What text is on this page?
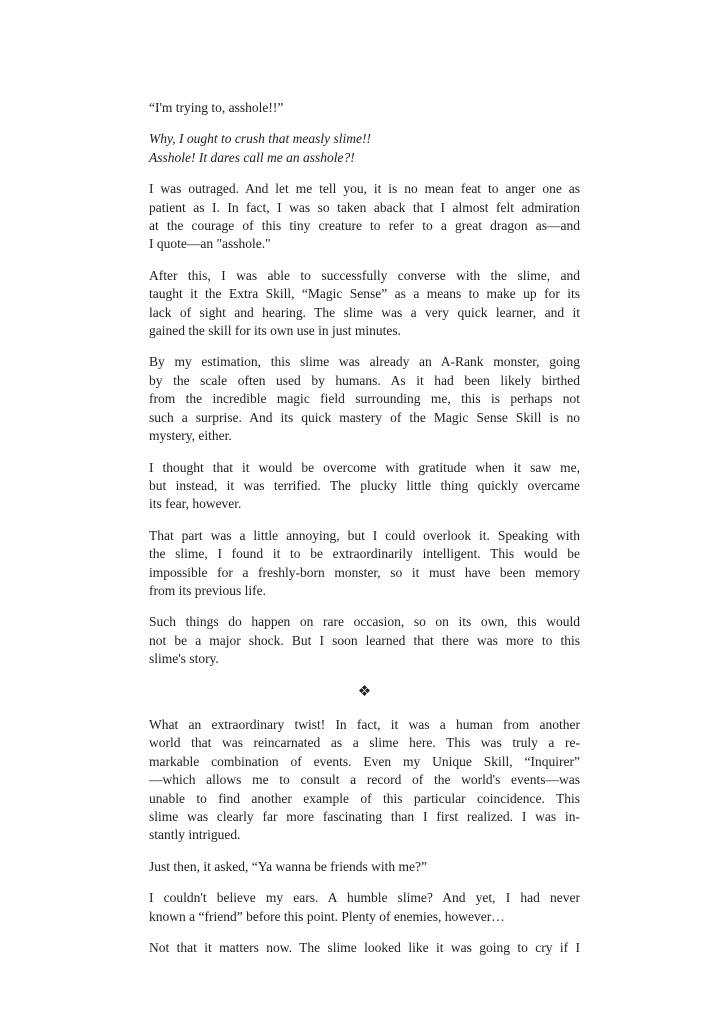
“I'm trying to, asshole!!”

Why, I ought to crush that measly slime!!
Asshole! It dares call me an asshole?!

I was outraged. And let me tell you, it is no mean feat to anger one as
patient as I. In fact, I was so taken aback that I almost felt admiration
at the courage of this tiny creature to refer to a great dragon as—and
I quote—an "asshole."

After this, I was able to successfully converse with the slime, and
taught it the Extra Skill, “Magic Sense” as a means to make up for its
lack of sight and hearing. The slime was a very quick learner, and it
gained the skill for its own use in just minutes.

By my estimation, this slime was already an A-Rank monster, going
by the scale often used by humans. As it had been likely birthed
from the incredible magic field surrounding me, this is perhaps not
such a surprise. And its quick mastery of the Magic Sense Skill is no
mystery, either.

I thought that it would be overcome with gratitude when it saw me,
but instead, it was terrified. The plucky little thing quickly overcame
its fear, however.

That part was a little annoying, but I could overlook it. Speaking with
the slime, I found it to be extraordinarily intelligent. This would be
impossible for a freshly-born monster, so it must have been memory
from its previous life.

Such things do happen on rare occasion, so on its own, this would
not be a major shock. But I soon learned that there was more to this
slime's story.

❖

What an extraordinary twist! In fact, it was a human from another
world that was reincarnated as a slime here. This was truly a re-
markable combination of events. Even my Unique Skill, “Inquirer”
—which allows me to consult a record of the world's events—was
unable to find another example of this particular coincidence. This
slime was clearly far more fascinating than I first realized. I was in-
stantly intrigued.

Just then, it asked, “Ya wanna be friends with me?”

I couldn't believe my ears. A humble slime? And yet, I had never
known a “friend” before this point. Plenty of enemies, however…

Not that it matters now. The slime looked like it was going to cry if I
